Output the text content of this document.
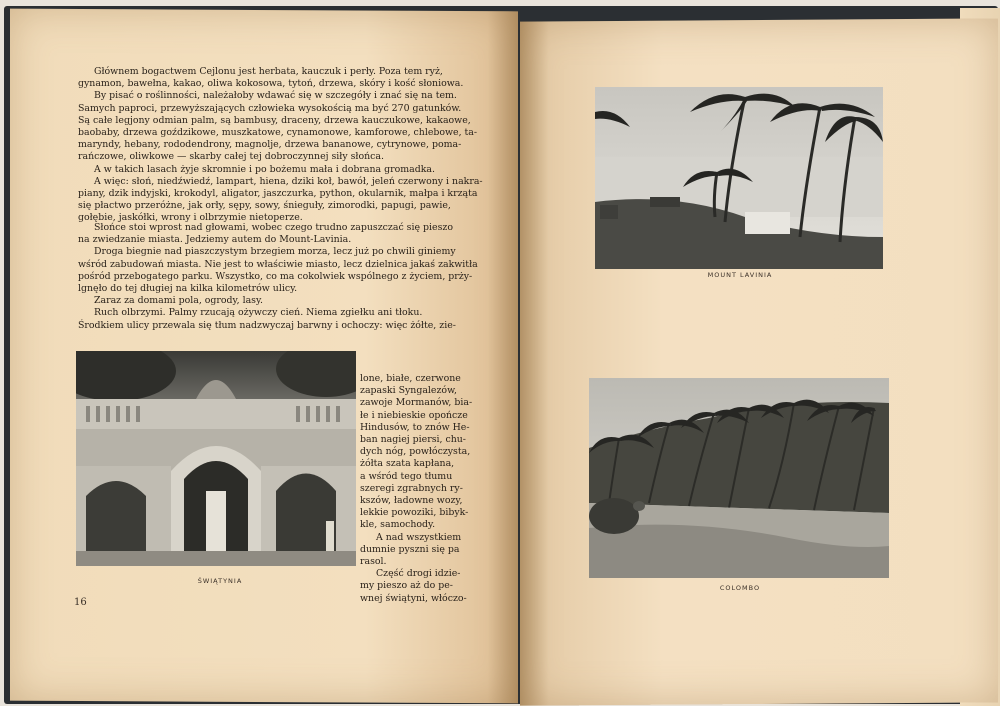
Głównem bogactwem Cejlonu jest herbata, kauczuk i perły. Poza tem ryż,
gynamon, bawełna, kakao, oliwa kokosowa, tytoń, drzewa, skóry i kość słoniowa.
By pisać o roślinności, należałoby wdawać się w szczegóły i znać się na tem.
Samych paproci, przewyższających człowieka wysokością ma być 270 gatunków.
Są całe legjony odmian palm, są bambusy, draceny, drzewa kauczukowe, kakaowe,
baobaby, drzewa goździkowe, muszkatowe, cynamonowe, kamforowe, chlebowe, ta-
maryndy, hebany, rododendrony, magnolje, drzewa bananowe, cytrynowe, poma-
rańczowe, oliwkowe — skarby całej tej dobroczynnej siły słońca.
A w takich lasach żyje skromnie i po bożemu mała i dobrana gromadka.
A więc: słoń, niedźwiedź, lampart, hiena, dziki koł, bawół, jeleń czerwony i nakra-
piany, dzik indyjski, krokodyl, aligator, jaszczurka, python, okularnik, małpa i krząta
się płactwo przeróżne, jak orły, sępy, sowy, śnieguły, zimorodki, papugi, pawie,
gołębie, jaskółki, wrony i olbrzymie nietoperze.
Słońce stoi wprost nad głowami, wobec czego trudno zapuszczać się pieszo
na zwiedzanie miasta. Jedziemy autem do Mount-Lavinia.
Droga biegnie nad piaszczystym brzegiem morza, lecz już po chwili giniemy
wśród zabudowań miasta. Nie jest to właściwie miasto, lecz dzielnica jakaś zakwitła
pośród przebogatego parku. Wszystko, co ma cokolwiek wspólnego z życiem, prży-
lgnęło do tej długiej na kilka kilometrów ulicy.
Zaraz za domami pola, ogrody, lasy.
Ruch olbrzymi. Palmy rzucają ożywczy cień. Niema zgiełku ani tłoku.
Środkiem ulicy przewala się tłum nadzwyczaj barwny i ochoczy: więc żółte, zie-
ŚWIĄTYNIA
lone, białe, czerwone
zapaski Syngalezów,
zawoje Mormanów, bia-
łe i niebieskie opończe
Hindusów, to znów He-
ban nagiej piersi, chu-
dych nóg, powłóczysta,
żółta szata kapłana,
a wśród tego tłumu
szeregi zgrabnych ry-
kszów, ładowne wozy,
lekkie powoziki, bibyk-
kle, samochody.
A nad wszystkiem
dumnie pyszni się pa
rasol.
Część drogi idzie-
my pieszo aż do pe-
wnej świątyni, włóczo-
16
MOUNT LAVINIA
COLOMBO
